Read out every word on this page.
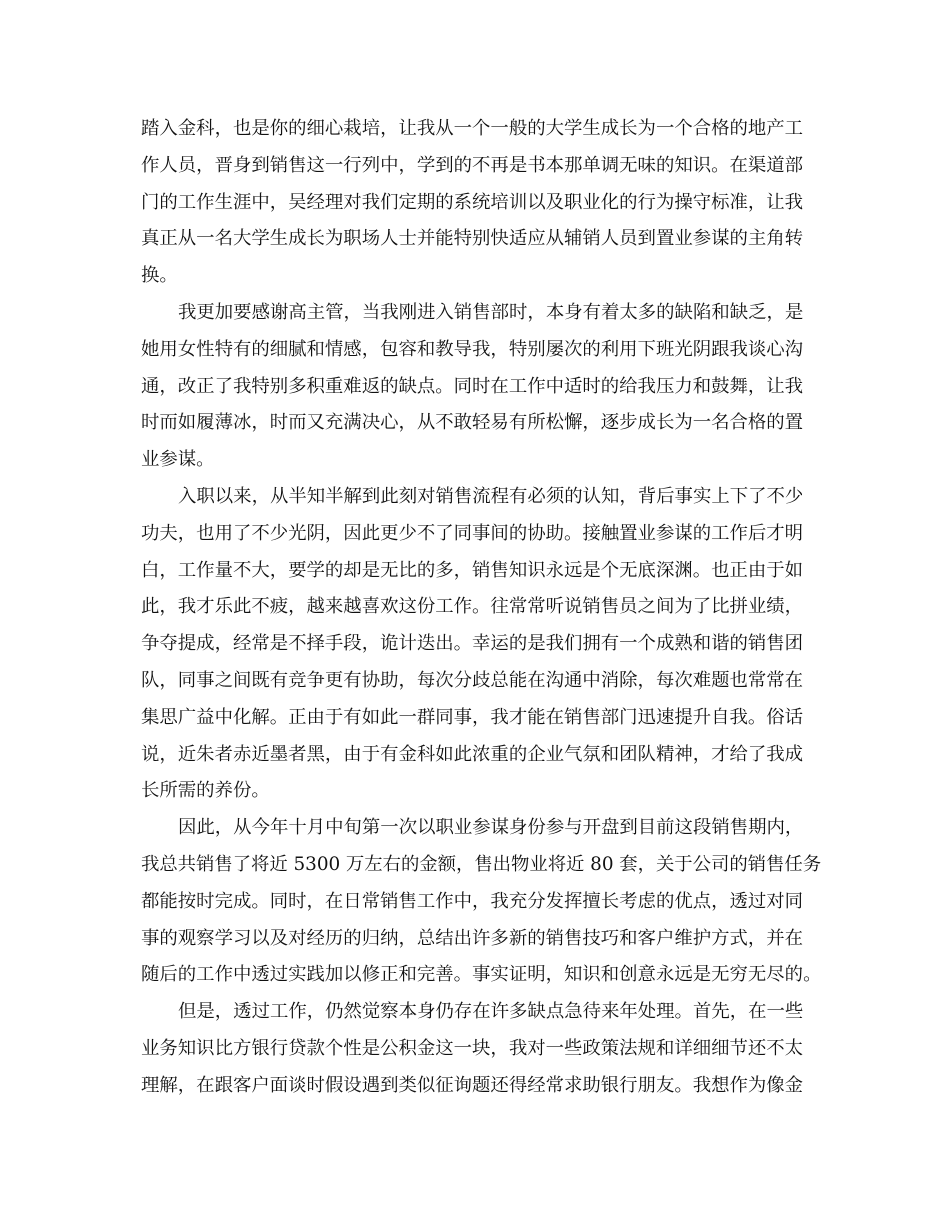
踏入金科，也是你的细心栽培，让我从一个一般的大学生成长为一个合格的地产工
作人员，晋身到销售这一行列中，学到的不再是书本那单调无味的知识。在渠道部
门的工作生涯中，吴经理对我们定期的系统培训以及职业化的行为操守标准，让我
真正从一名大学生成长为职场人士并能特别快适应从辅销人员到置业参谋的主角转
换。

我更加要感谢高主管，当我刚进入销售部时，本身有着太多的缺陷和缺乏，是
她用女性特有的细腻和情感，包容和教导我，特别屡次的利用下班光阴跟我谈心沟
通，改正了我特别多积重难返的缺点。同时在工作中适时的给我压力和鼓舞，让我
时而如履薄冰，时而又充满决心，从不敢轻易有所松懈，逐步成长为一名合格的置
业参谋。

入职以来，从半知半解到此刻对销售流程有必须的认知，背后事实上下了不少
功夫，也用了不少光阴，因此更少不了同事间的协助。接触置业参谋的工作后才明
白，工作量不大，要学的却是无比的多，销售知识永远是个无底深渊。也正由于如
此，我才乐此不疲，越来越喜欢这份工作。往常常听说销售员之间为了比拼业绩，
争夺提成，经常是不择手段，诡计迭出。幸运的是我们拥有一个成熟和谐的销售团
队，同事之间既有竞争更有协助，每次分歧总能在沟通中消除，每次难题也常常在
集思广益中化解。正由于有如此一群同事，我才能在销售部门迅速提升自我。俗话
说，近朱者赤近墨者黑，由于有金科如此浓重的企业气氛和团队精神，才给了我成
长所需的养份。

因此，从今年十月中旬第一次以职业参谋身份参与开盘到目前这段销售期内，
我总共销售了将近 5300 万左右的金额，售出物业将近 80 套，关于公司的销售任务
都能按时完成。同时，在日常销售工作中，我充分发挥擅长考虑的优点，透过对同
事的观察学习以及对经历的归纳，总结出许多新的销售技巧和客户维护方式，并在
随后的工作中透过实践加以修正和完善。事实证明，知识和创意永远是无穷无尽的。

但是，透过工作，仍然觉察本身仍存在许多缺点急待来年处理。首先，在一些
业务知识比方银行贷款个性是公积金这一块，我对一些政策法规和详细细节还不太
理解，在跟客户面谈时假设遇到类似征询题还得经常求助银行朋友。我想作为像金
